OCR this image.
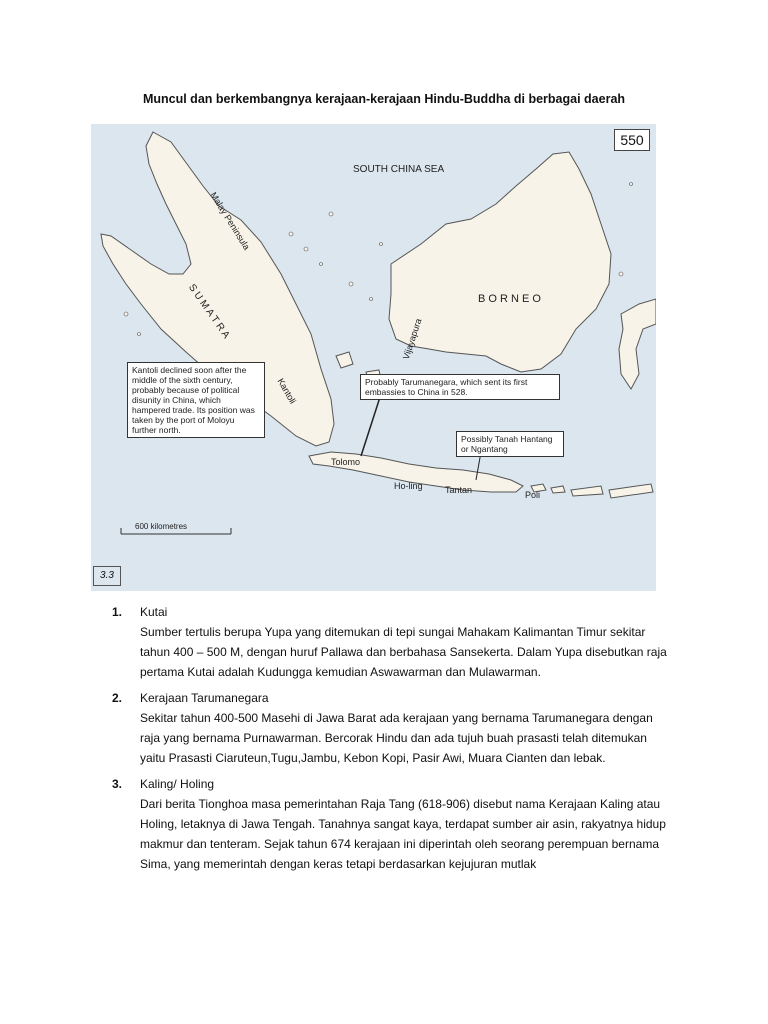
Muncul dan berkembangnya kerajaan-kerajaan Hindu-Buddha di berbagai daerah
550
SOUTH CHINA SEA
Malay Peninsula
S U M A T R A	B O R N E O
Vijayapura
Kantoli
Tolomo
Ho-ling Tantan	Poli
600 kilometres
Kantoli declined soon after the middle of the sixth century, probably because of political disunity in China, which hampered trade. Its position was taken by the port of Moloyu further north.
Probably Tarumanegara, which sent its first embassies to China in 528.
Possibly Tanah Hantang or Ngantang
3.3
1. Kutai
Sumber tertulis berupa Yupa yang ditemukan di tepi sungai Mahakam Kalimantan Timur sekitar tahun 400 – 500 M, dengan huruf Pallawa dan berbahasa Sansekerta. Dalam Yupa disebutkan raja pertama Kutai adalah Kudungga kemudian Aswawarman dan Mulawarman.
2. Kerajaan Tarumanegara
Sekitar tahun 400-500 Masehi di Jawa Barat ada kerajaan yang bernama Tarumanegara dengan raja yang bernama Purnawarman. Bercorak Hindu dan ada tujuh buah prasasti telah ditemukan yaitu Prasasti Ciaruteun,Tugu,Jambu, Kebon Kopi, Pasir Awi, Muara Cianten dan lebak.
3. Kaling/ Holing
Dari berita Tionghoa masa pemerintahan Raja Tang (618-906) disebut nama Kerajaan Kaling atau Holing, letaknya di Jawa Tengah. Tanahnya sangat kaya, terdapat sumber air asin, rakyatnya hidup makmur dan tenteram. Sejak tahun 674 kerajaan ini diperintah oleh seorang perempuan bernama Sima, yang memerintah dengan keras tetapi berdasarkan kejujuran mutlak
